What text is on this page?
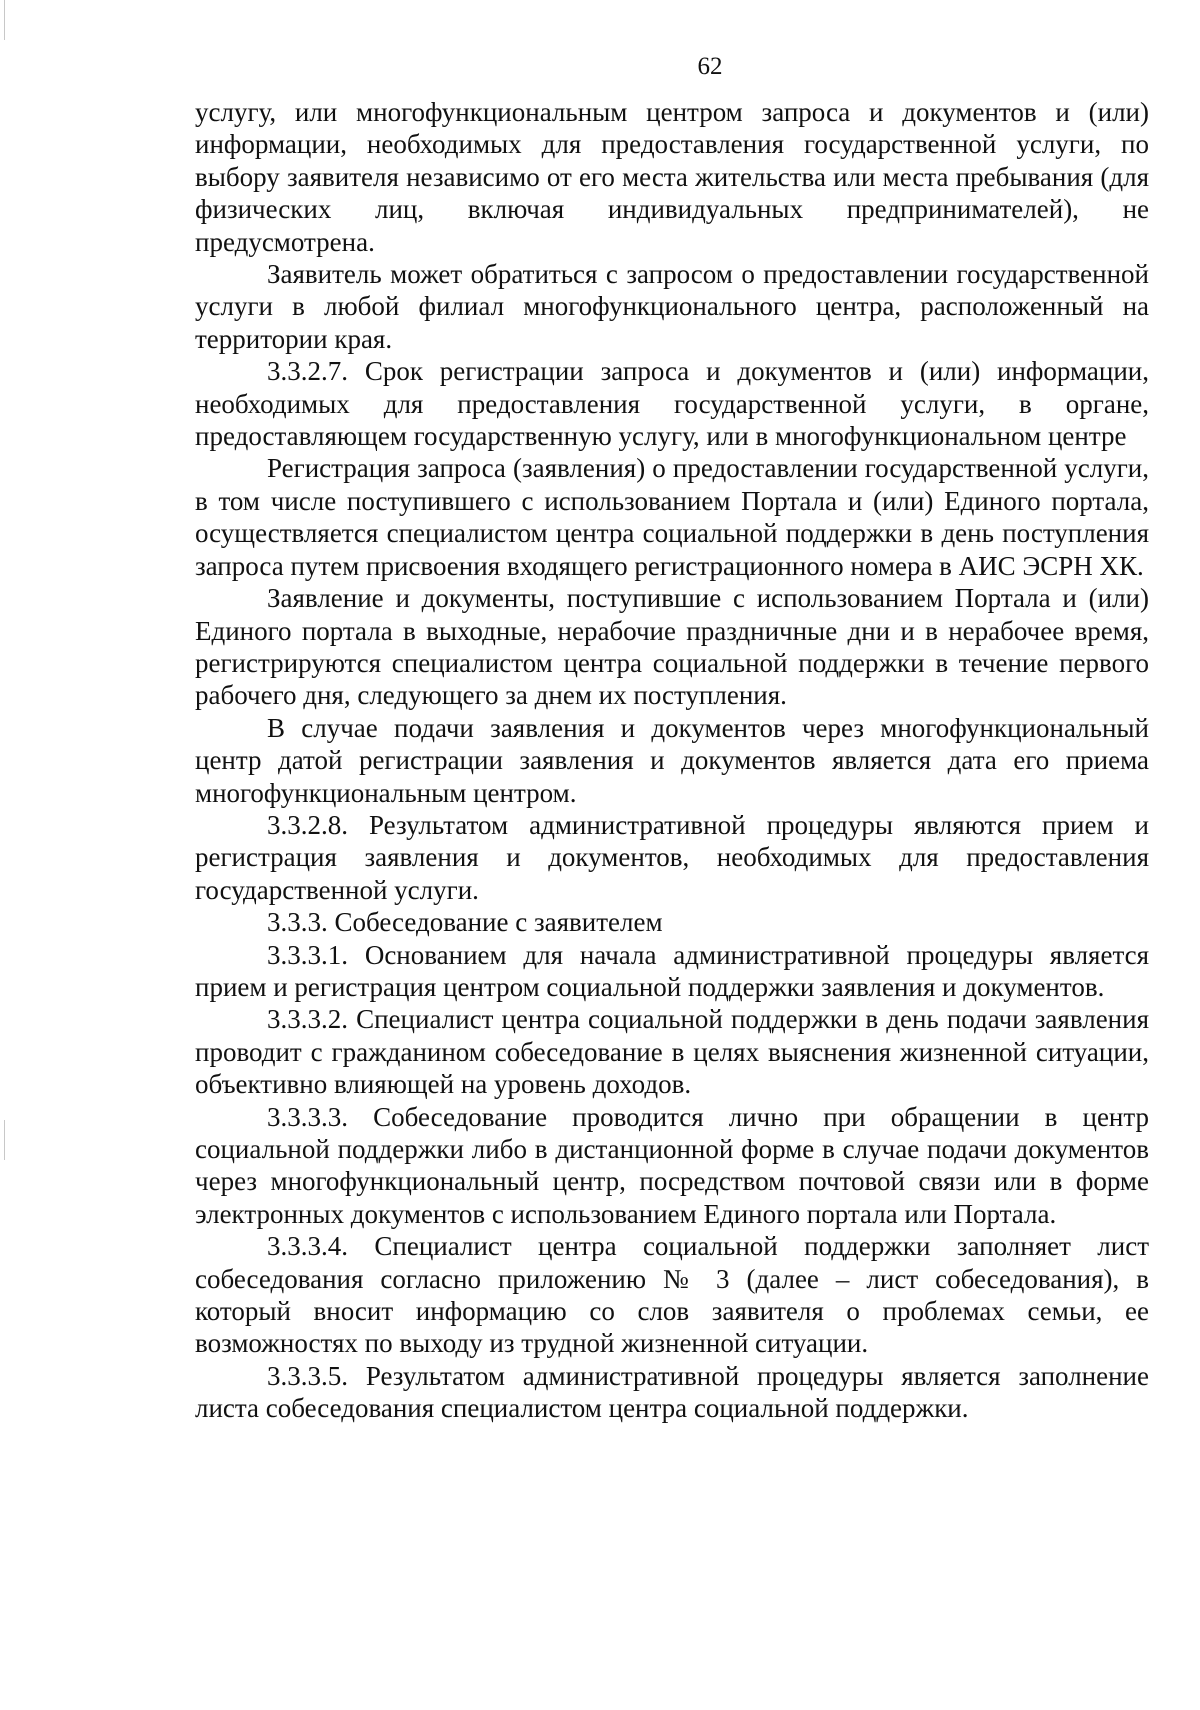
62

услугу, или многофункциональным центром запроса и документов и (или) информации, необходимых для предоставления государственной услуги, по выбору заявителя независимо от его места жительства или места пребывания (для физических лиц, включая индивидуальных предпринимателей), не предусмотрена.

Заявитель может обратиться с запросом о предоставлении государственной услуги в любой филиал многофункционального центра, расположенный на территории края.

3.3.2.7. Срок регистрации запроса и документов и (или) информации, необходимых для предоставления государственной услуги, в органе, предоставляющем государственную услугу, или в многофункциональном центре

Регистрация запроса (заявления) о предоставлении государственной услуги, в том числе поступившего с использованием Портала и (или) Единого портала, осуществляется специалистом центра социальной поддержки в день поступления запроса путем присвоения входящего регистрационного номера в АИС ЭСРН ХК.

Заявление и документы, поступившие с использованием Портала и (или) Единого портала в выходные, нерабочие праздничные дни и в нерабочее время, регистрируются специалистом центра социальной поддержки в течение первого рабочего дня, следующего за днем их поступления.

В случае подачи заявления и документов через многофункциональный центр датой регистрации заявления и документов является дата его приема многофункциональным центром.

3.3.2.8. Результатом административной процедуры являются прием и регистрация заявления и документов, необходимых для предоставления государственной услуги.

3.3.3. Собеседование с заявителем

3.3.3.1. Основанием для начала административной процедуры является прием и регистрация центром социальной поддержки заявления и документов.

3.3.3.2. Специалист центра социальной поддержки в день подачи заявления проводит с гражданином собеседование в целях выяснения жизненной ситуации, объективно влияющей на уровень доходов.

3.3.3.3. Собеседование проводится лично при обращении в центр социальной поддержки либо в дистанционной форме в случае подачи документов через многофункциональный центр, посредством почтовой связи или в форме электронных документов с использованием Единого портала или Портала.

3.3.3.4. Специалист центра социальной поддержки заполняет лист собеседования согласно приложению № 3 (далее – лист собеседования), в который вносит информацию со слов заявителя о проблемах семьи, ее возможностях по выходу из трудной жизненной ситуации.

3.3.3.5. Результатом административной процедуры является заполнение листа собеседования специалистом центра социальной поддержки.
